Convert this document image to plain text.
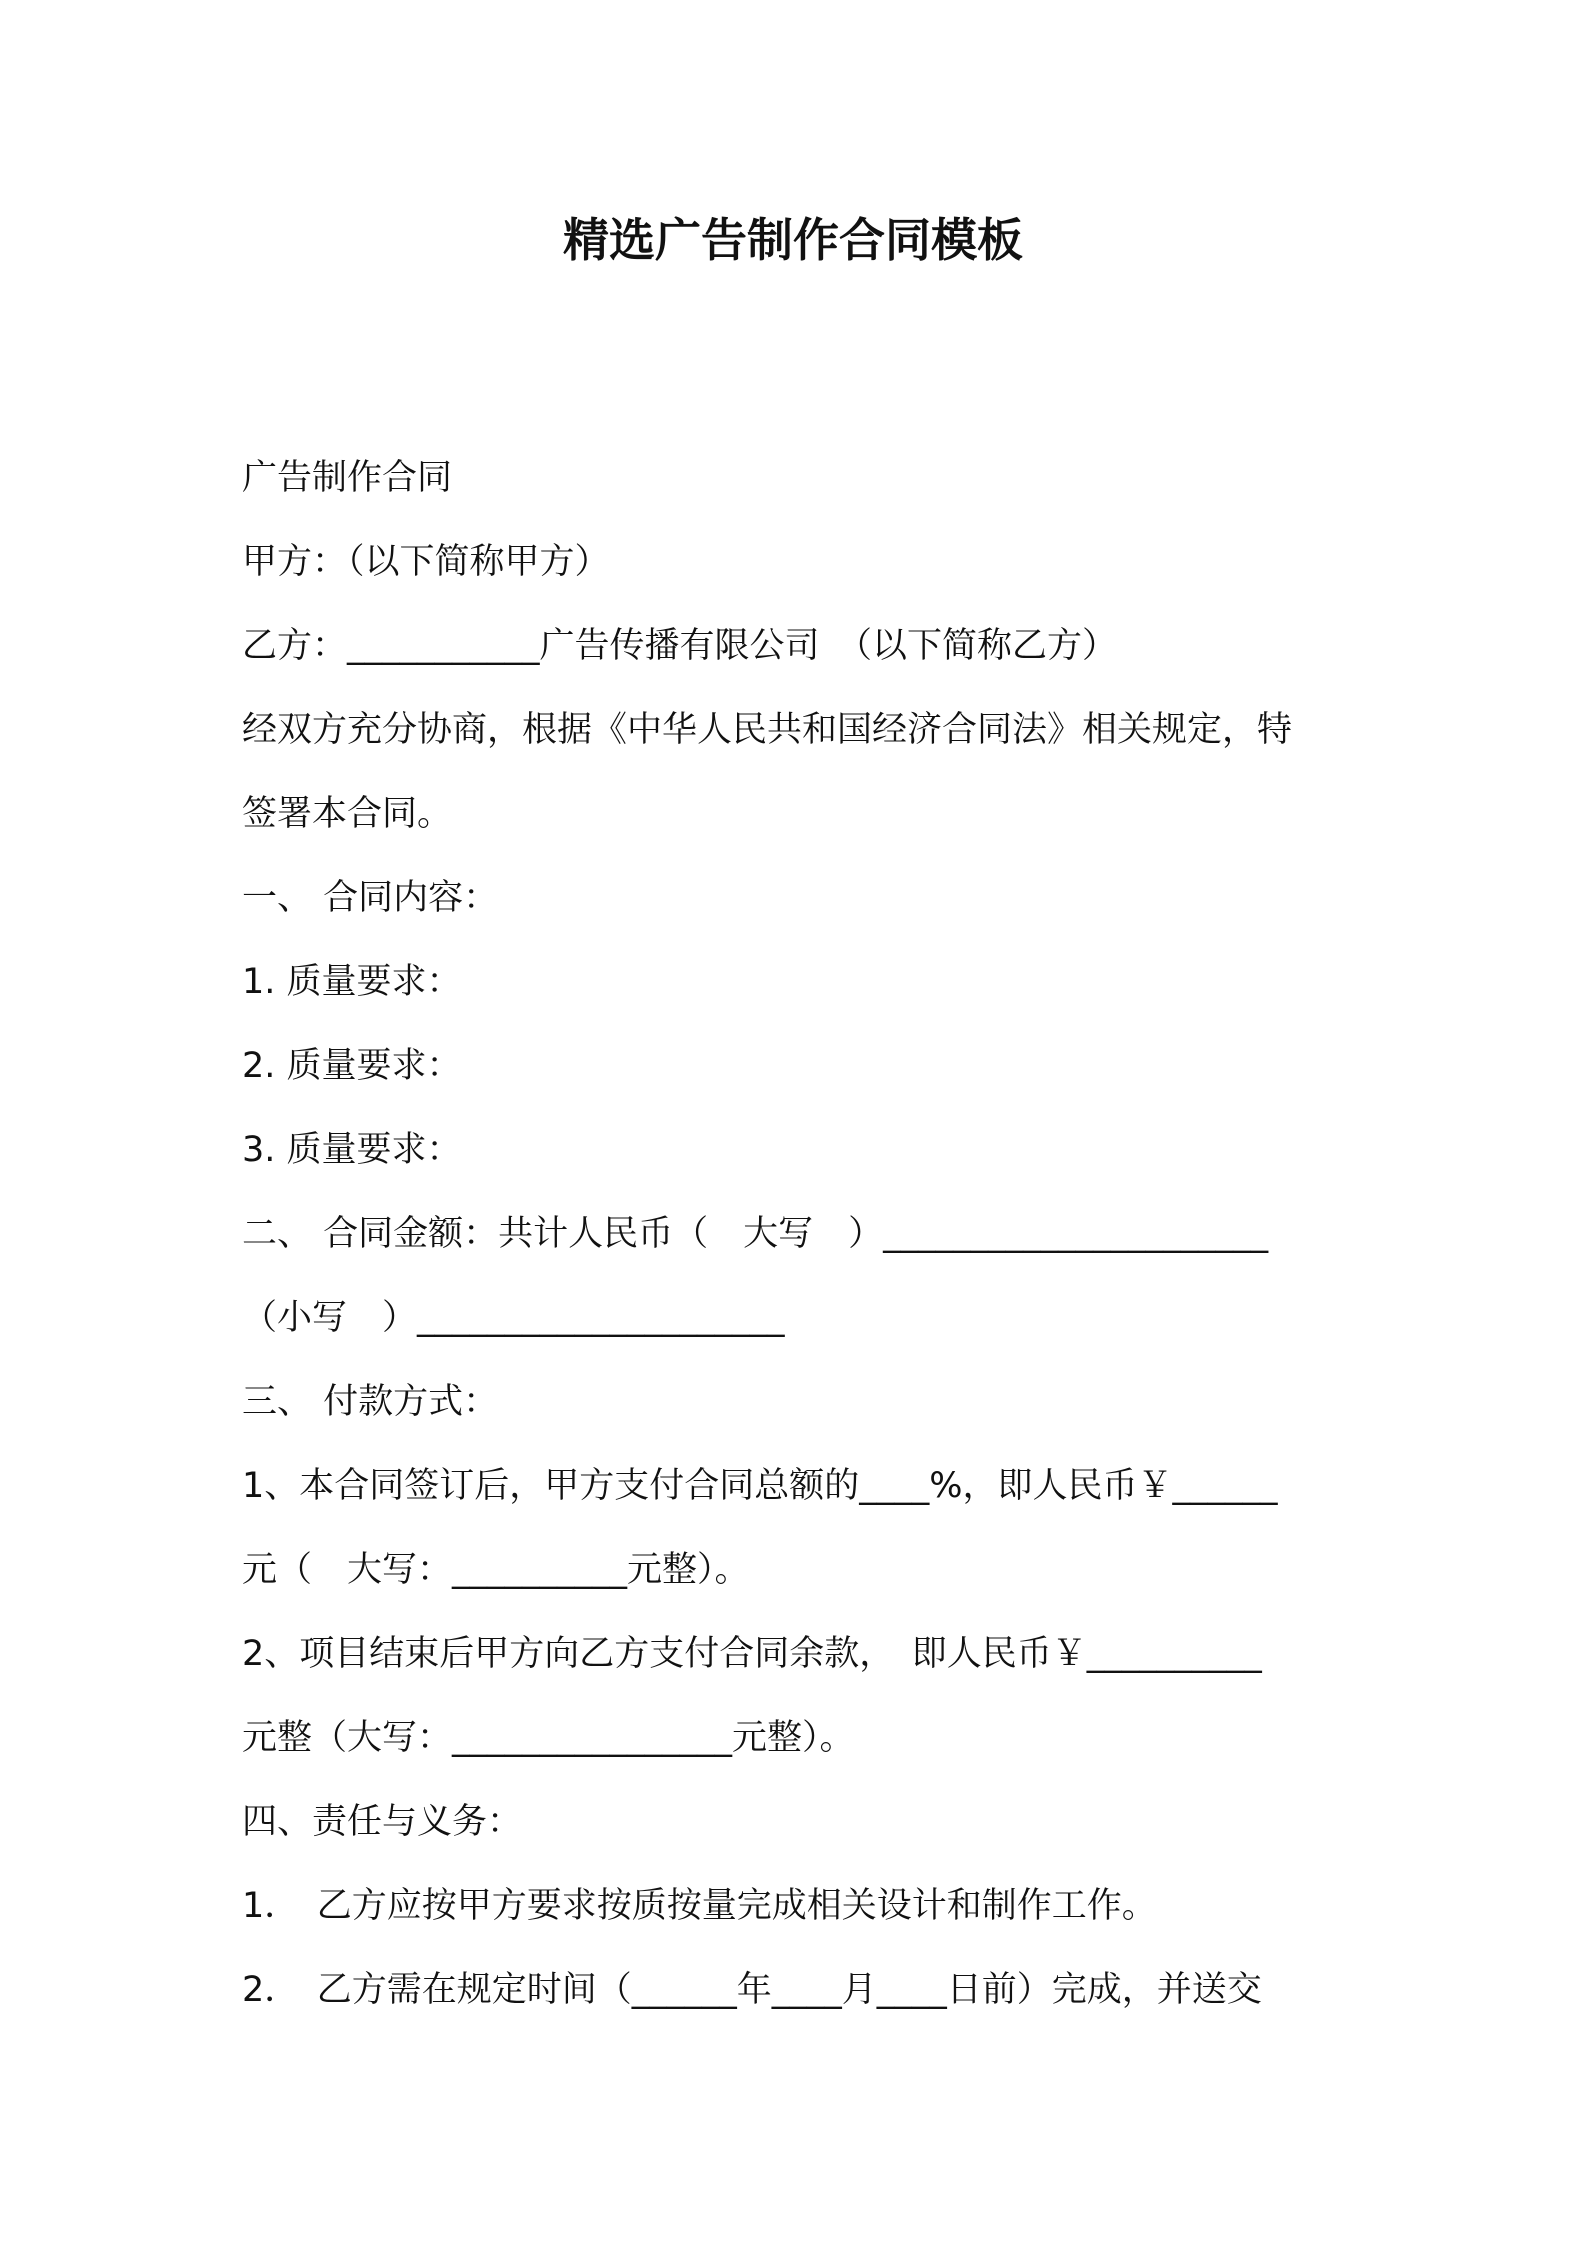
精选广告制作合同模板

广告制作合同

甲方：（以下简称甲方）

乙方：___________广告传播有限公司　（以下简称乙方）

经双方充分协商，根据《中华人民共和国经济合同法》相关规定，特

签署本合同。

一、 合同内容：

1. 质量要求：

2. 质量要求：

3. 质量要求：

二、 合同金额：共计人民币（　大写　）______________________

（小写　）_____________________

三、 付款方式：

1、本合同签订后，甲方支付合同总额的____%，即人民币￥______

元（　大写：__________元整）。

2、项目结束后甲方向乙方支付合同余款，　即人民币￥__________

元整（大写：________________元整）。

四、责任与义务：

1．　乙方应按甲方要求按质按量完成相关设计和制作工作。

2．　乙方需在规定时间（______年____月____日前）完成，并送交
